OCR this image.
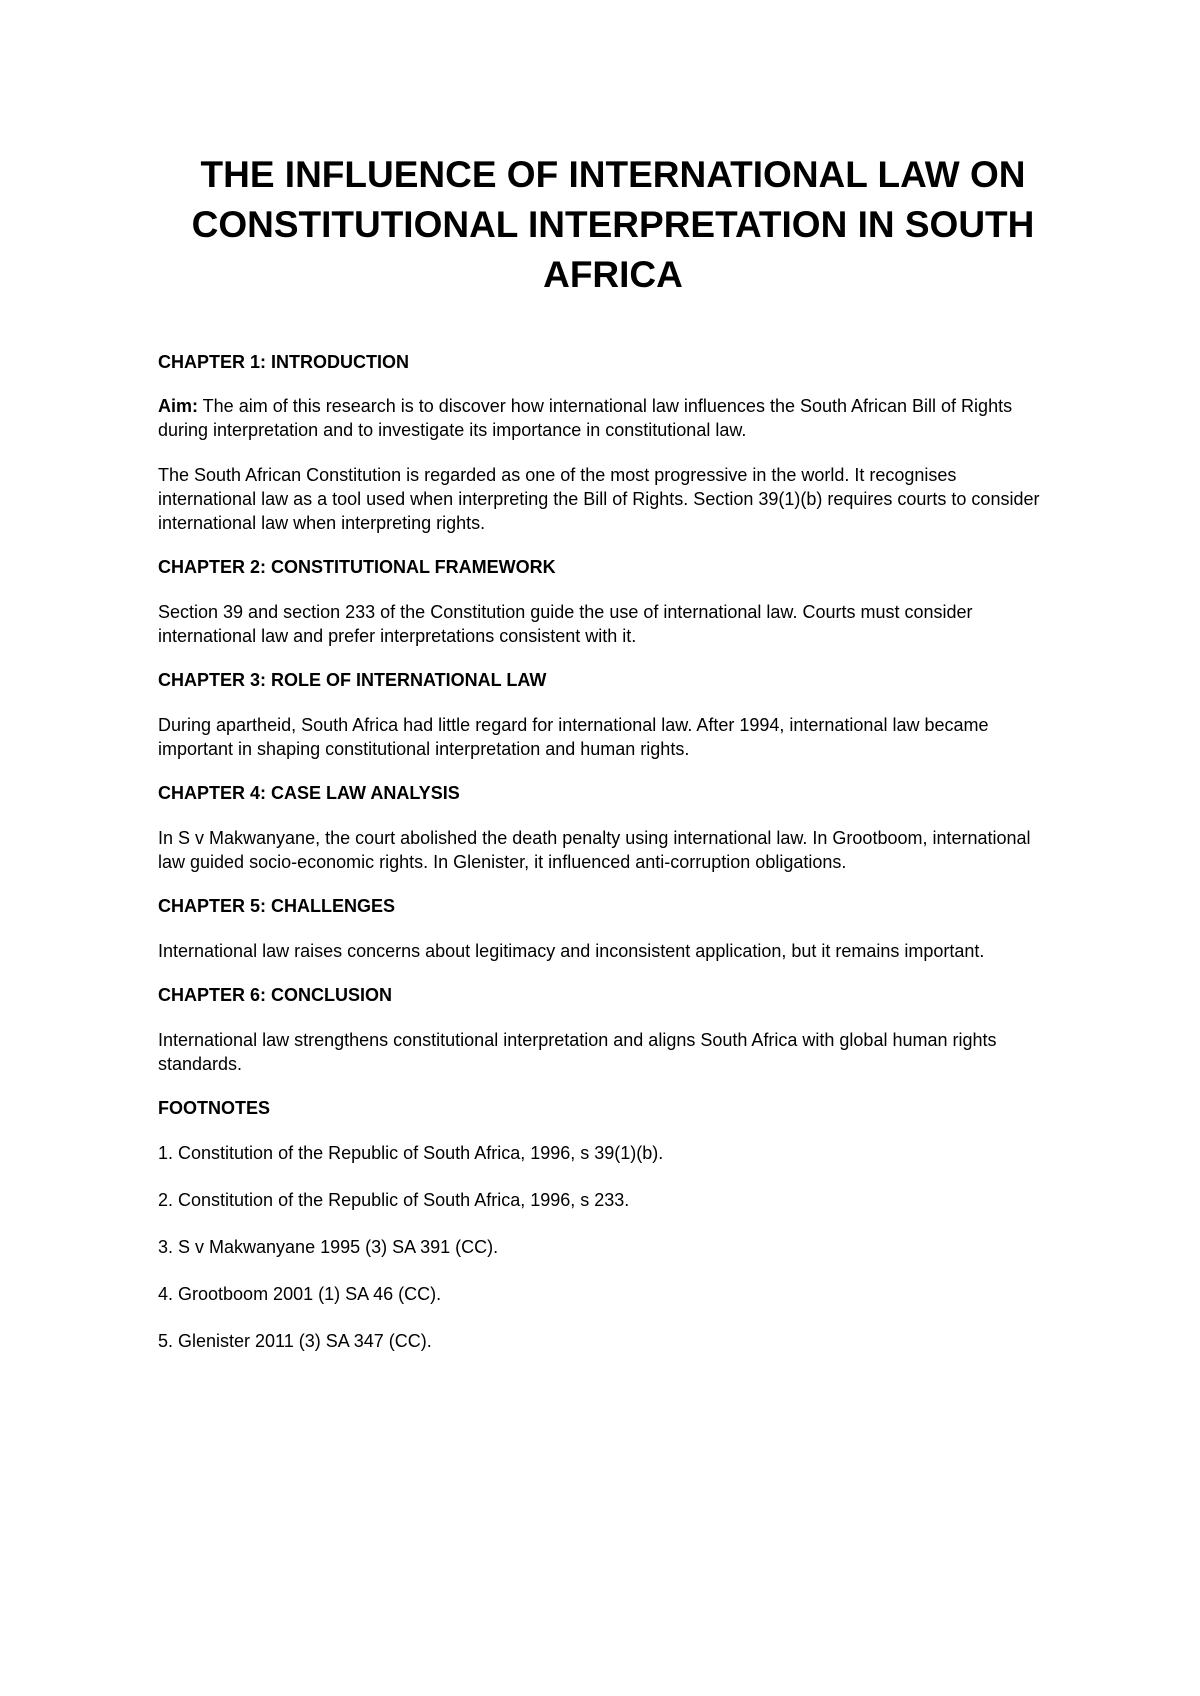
THE INFLUENCE OF INTERNATIONAL LAW ON
CONSTITUTIONAL INTERPRETATION IN SOUTH
AFRICA

CHAPTER 1: INTRODUCTION

Aim: The aim of this research is to discover how international law influences the South African Bill of Rights during interpretation and to investigate its importance in constitutional law.

The South African Constitution is regarded as one of the most progressive in the world. It recognises international law as a tool used when interpreting the Bill of Rights. Section 39(1)(b) requires courts to consider international law when interpreting rights.

CHAPTER 2: CONSTITUTIONAL FRAMEWORK

Section 39 and section 233 of the Constitution guide the use of international law. Courts must consider international law and prefer interpretations consistent with it.

CHAPTER 3: ROLE OF INTERNATIONAL LAW

During apartheid, South Africa had little regard for international law. After 1994, international law became important in shaping constitutional interpretation and human rights.

CHAPTER 4: CASE LAW ANALYSIS

In S v Makwanyane, the court abolished the death penalty using international law. In Grootboom, international law guided socio-economic rights. In Glenister, it influenced anti-corruption obligations.

CHAPTER 5: CHALLENGES

International law raises concerns about legitimacy and inconsistent application, but it remains important.

CHAPTER 6: CONCLUSION

International law strengthens constitutional interpretation and aligns South Africa with global human rights standards.

FOOTNOTES

1. Constitution of the Republic of South Africa, 1996, s 39(1)(b).

2. Constitution of the Republic of South Africa, 1996, s 233.

3. S v Makwanyane 1995 (3) SA 391 (CC).

4. Grootboom 2001 (1) SA 46 (CC).

5. Glenister 2011 (3) SA 347 (CC).
